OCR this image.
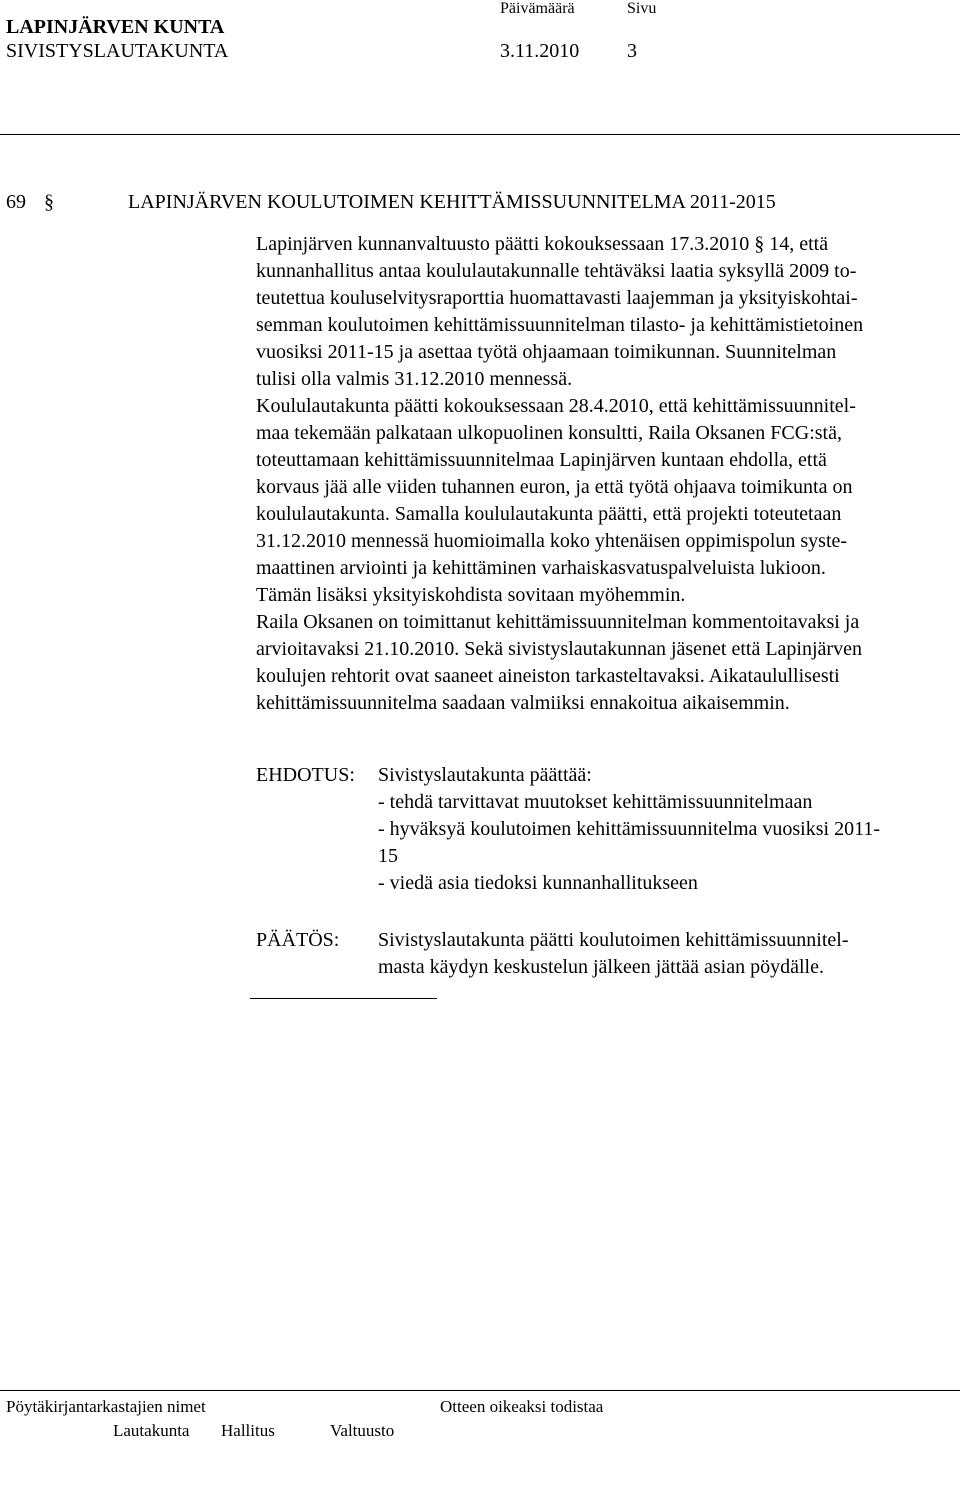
LAPINJÄRVEN KUNTA
SIVISTYSLAUTAKUNTA
Päivämäärä	Sivu
3.11.2010 3
69 §	LAPINJÄRVEN KOULUTOIMEN KEHITTÄMISSUUNNITELMA 2011-2015

Lapinjärven kunnanvaltuusto päätti kokouksessaan 17.3.2010 § 14, että

kunnanhallitus antaa koululautakunnalle tehtäväksi laatia syksyllä 2009 to-

teutettua kouluselvitysraporttia huomattavasti laajemman ja yksityiskohtai-

semman koulutoimen kehittämissuunnitelman tilasto- ja kehittämistietoinen

vuosiksi 2011-15 ja asettaa työtä ohjaamaan toimikunnan. Suunnitelman

tulisi olla valmis 31.12.2010 mennessä.

Koululautakunta päätti kokouksessaan 28.4.2010, että kehittämissuunnitel-

maa tekemään palkataan ulkopuolinen konsultti, Raila Oksanen FCG:stä,

toteuttamaan kehittämissuunnitelmaa Lapinjärven kuntaan ehdolla, että

korvaus jää alle viiden tuhannen euron, ja että työtä ohjaava toimikunta on

koululautakunta. Samalla koululautakunta päätti, että projekti toteutetaan

31.12.2010 mennessä huomioimalla koko yhtenäisen oppimispolun syste-

maattinen arviointi ja kehittäminen varhaiskasvatuspalveluista lukioon.

Tämän lisäksi yksityiskohdista sovitaan myöhemmin.

Raila Oksanen on toimittanut kehittämissuunnitelman kommentoitavaksi ja

arvioitavaksi 21.10.2010. Sekä sivistyslautakunnan jäsenet että Lapinjärven

koulujen rehtorit ovat saaneet aineiston tarkasteltavaksi. Aikataulullisesti

kehittämissuunnitelma saadaan valmiiksi ennakoitua aikaisemmin.

EHDOTUS: Sivistyslautakunta päättää:
- tehdä tarvittavat muutokset kehittämissuunnitelmaan
- hyväksyä koulutoimen kehittämissuunnitelma vuosiksi 2011-
15
- viedä asia tiedoksi kunnanhallitukseen
PÄÄTÖS: Sivistyslautakunta päätti koulutoimen kehittämissuunnitel-
masta käydyn keskustelun jälkeen jättää asian pöydälle.
Pöytäkirjantarkastajien nimet	Otteen oikeaksi todistaa
Lautakunta Hallitus	Valtuusto
